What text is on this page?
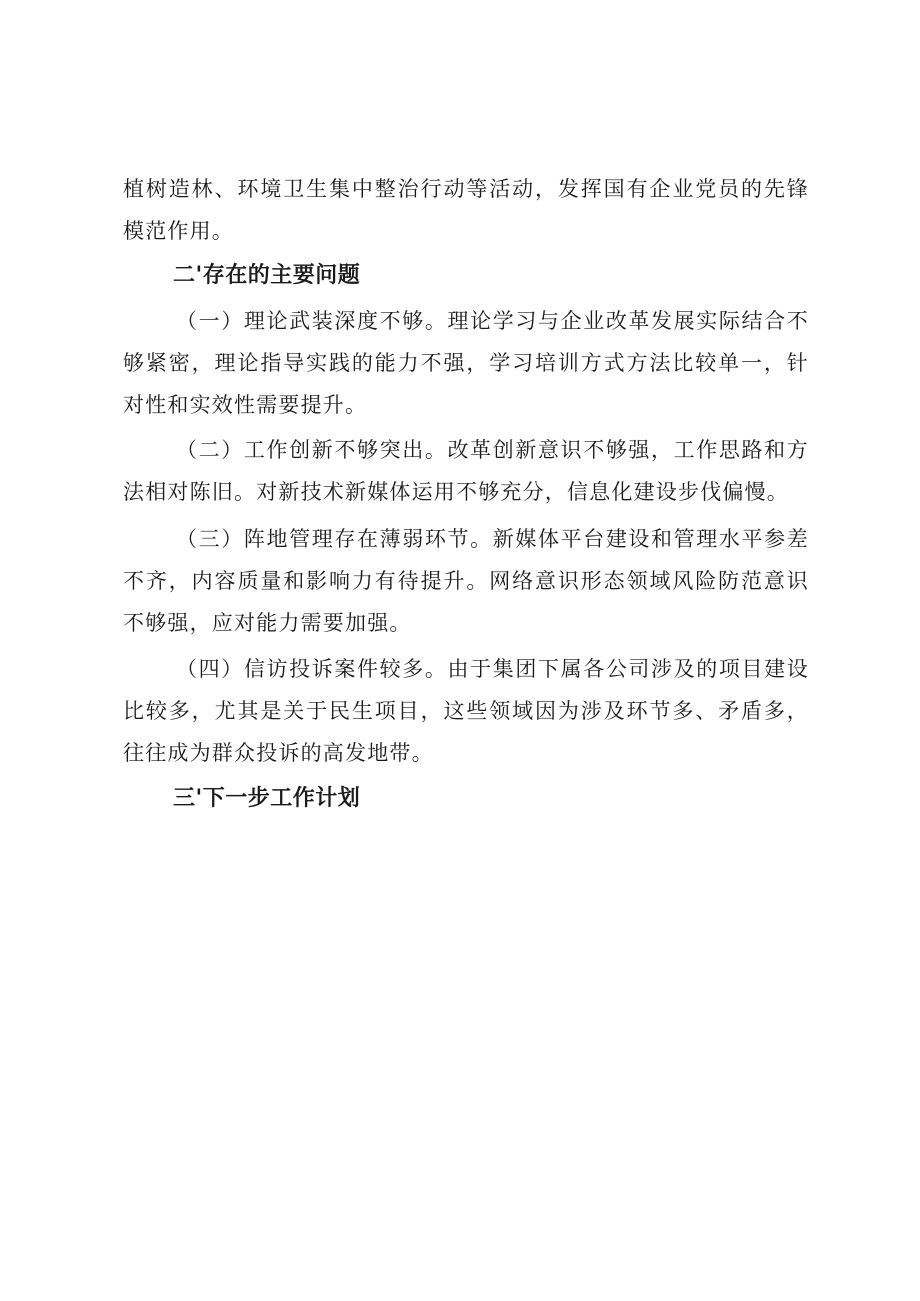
植树造林、环境卫生集中整治行动等活动，发挥国有企业党员的先锋模范作用。

二'存在的主要问题

（一）理论武装深度不够。理论学习与企业改革发展实际结合不够紧密，理论指导实践的能力不强，学习培训方式方法比较单一，针对性和实效性需要提升。

（二）工作创新不够突出。改革创新意识不够强，工作思路和方法相对陈旧。对新技术新媒体运用不够充分，信息化建设步伐偏慢。

（三）阵地管理存在薄弱环节。新媒体平台建设和管理水平参差不齐，内容质量和影响力有待提升。网络意识形态领域风险防范意识不够强，应对能力需要加强。

（四）信访投诉案件较多。由于集团下属各公司涉及的项目建设比较多，尤其是关于民生项目，这些领域因为涉及环节多、矛盾多，往往成为群众投诉的高发地带。

三'下一步工作计划
